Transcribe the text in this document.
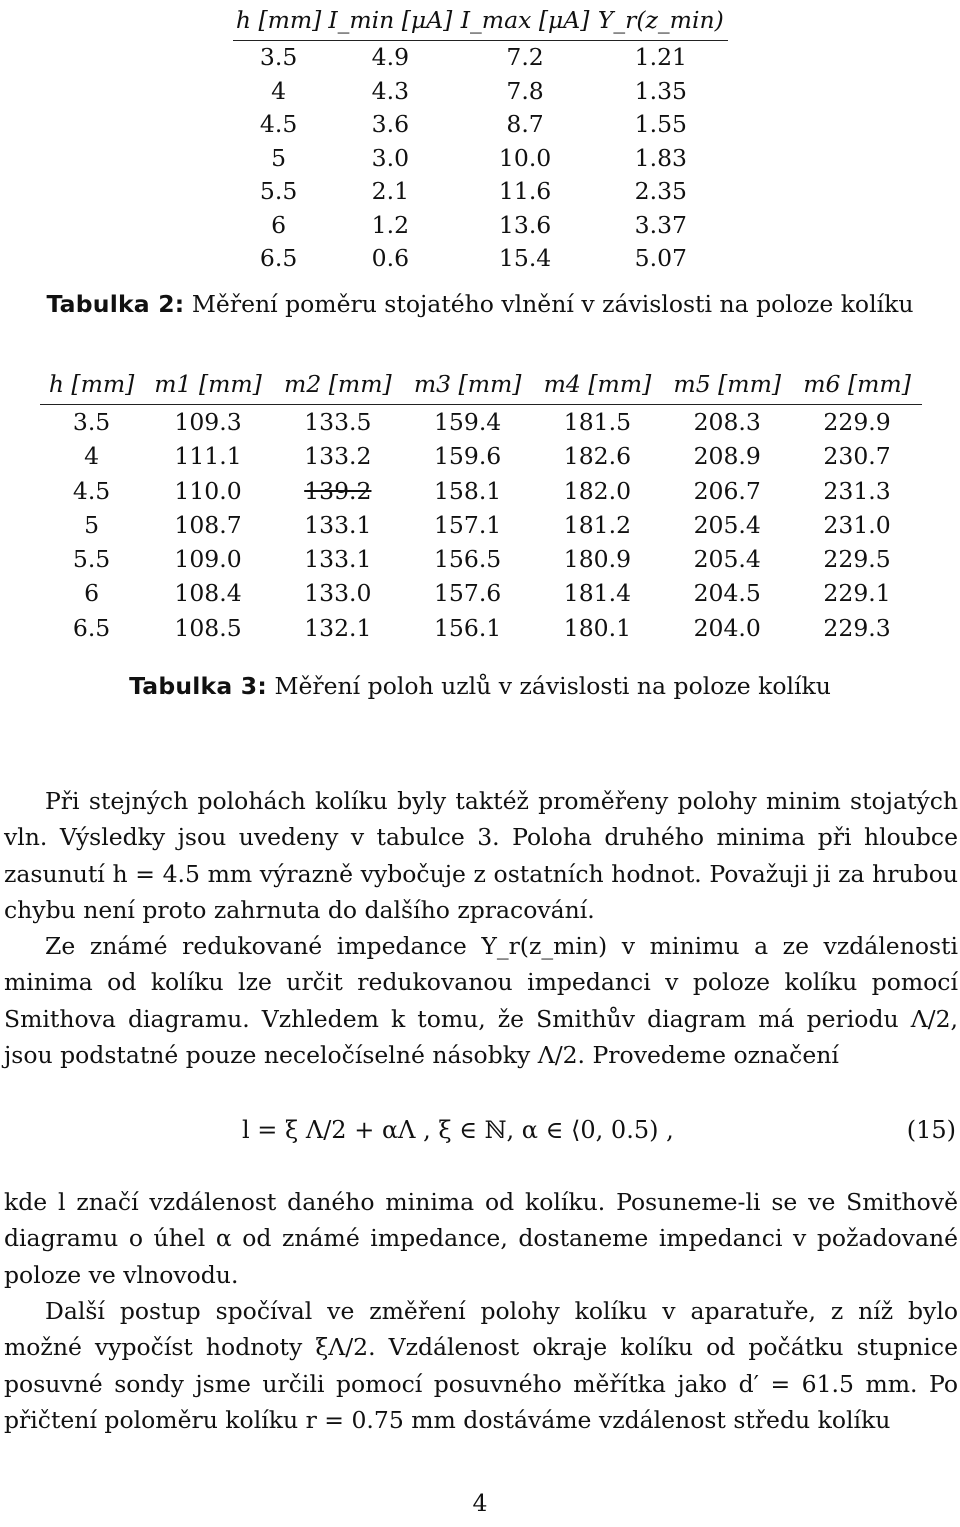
h [mm]	I_min [μA]	I_max [μA]	Y_r(z_min)
3.5	4.9	7.2	1.21
4	4.3	7.8	1.35
4.5	3.6	8.7	1.55
5	3.0	10.0	1.83
5.5	2.1	11.6	2.35
6	1.2	13.6	3.37
6.5	0.6	15.4	5.07
Tabulka 2: Měření poměru stojatého vlnění v závislosti na poloze kolíku
h [mm]	m1 [mm]	m2 [mm]	m3 [mm]	m4 [mm]	m5 [mm]	m6 [mm]
3.5	109.3	133.5	159.4	181.5	208.3	229.9
4	111.1	133.2	159.6	182.6	208.9	230.7
4.5	110.0	139.2	158.1	182.0	206.7	231.3
5	108.7	133.1	157.1	181.2	205.4	231.0
5.5	109.0	133.1	156.5	180.9	205.4	229.5
6	108.4	133.0	157.6	181.4	204.5	229.1
6.5	108.5	132.1	156.1	180.1	204.0	229.3
Tabulka 3: Měření poloh uzlů v závislosti na poloze kolíku
Při stejných polohách kolíku byly taktéž proměřeny polohy minim stojatých vln. Výsledky jsou uvedeny v tabulce 3. Poloha druhého minima při hloubce zasunutí h = 4.5 mm výrazně vybočuje z ostatních hodnot. Považuji ji za hrubou chybu není proto zahrnuta do dalšího zpracování.
Ze známé redukované impedance Y_r(z_min) v minimu a ze vzdálenosti minima od kolíku lze určit redukovanou impedanci v poloze kolíku pomocí Smithova diagramu. Vzhledem k tomu, že Smithův diagram má periodu Λ/2, jsou podstatné pouze neceločíselné násobky Λ/2. Provedeme označení
l = ξ Λ/2 + αΛ , ξ ∈ ℕ, α ∈ ⟨0, 0.5) ,	(15)
kde l značí vzdálenost daného minima od kolíku. Posuneme-li se ve Smithově diagramu o úhel α od známé impedance, dostaneme impedanci v požadované poloze ve vlnovodu.
Další postup spočíval ve změření polohy kolíku v aparatuře, z níž bylo možné vypočíst hodnoty ξΛ/2. Vzdálenost okraje kolíku od počátku stupnice posuvné sondy jsme určili pomocí posuvného měřítka jako d′ = 61.5 mm. Po přičtení poloměru kolíku r = 0.75 mm dostáváme vzdálenost středu kolíku
4
